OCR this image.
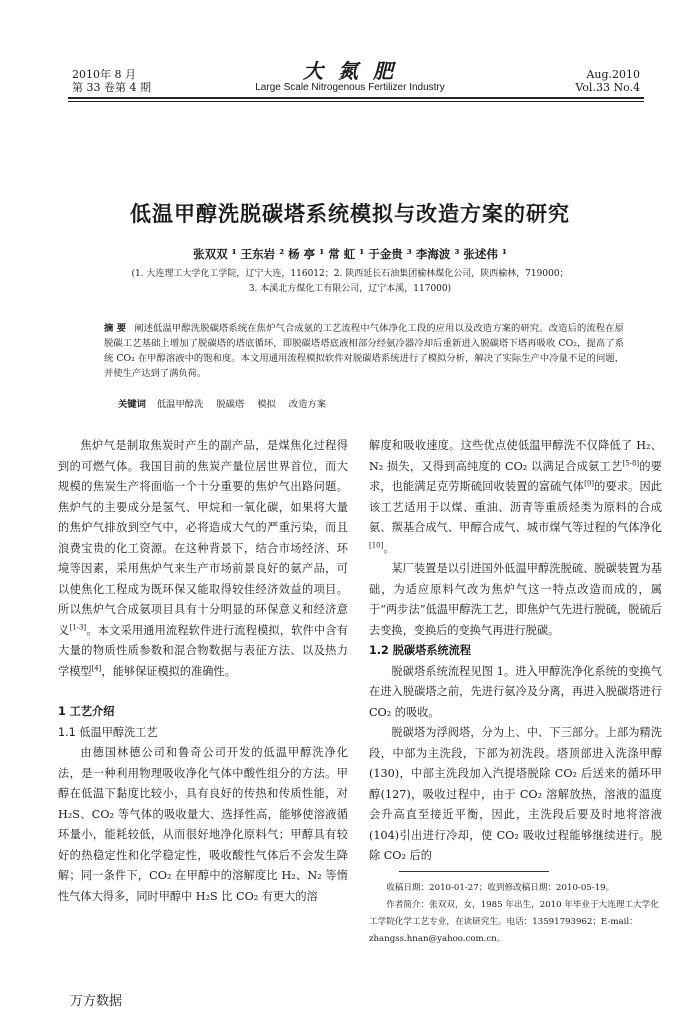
2010年 8 月
第 33 卷第 4 期
大 氮 肥
Large Scale Nitrogenous Fertilizer Industry
Aug.2010
Vol.33 No.4
低温甲醇洗脱碳塔系统模拟与改造方案的研究
张双双 ¹ 王东岩 ² 杨 亭 ¹ 常 虹 ¹ 于金贵 ³ 李海波 ³ 张述伟 ¹
(1. 大连理工大学化工学院，辽宁大连，116012；2. 陕西延长石油集团榆林煤化公司，陕西榆林，719000；
3. 本溪北方煤化工有限公司，辽宁本溪，117000)
摘 要 阐述低温甲醇洗脱碳塔系统在焦炉气合成氨的工艺流程中气体净化工段的应用以及改造方案的研究。改造后的流程在原脱碳工艺基础上增加了脱碳塔的塔底循环，即脱碳塔塔底液相部分经氨冷器冷却后重新进入脱碳塔下塔再吸收 CO₂，提高了系统 CO₂ 在甲醇溶液中的饱和度。本文用通用流程模拟软件对脱碳塔系统进行了模拟分析，解决了实际生产中冷量不足的问题，并使生产达到了满负荷。
关键词 低温甲醇洗 脱碳塔 模拟 改造方案

焦炉气是制取焦炭时产生的副产品，是煤焦化过程得到的可燃气体。我国目前的焦炭产量位居世界首位，而大规模的焦炭生产将面临一个十分重要的焦炉气出路问题。焦炉气的主要成分是氢气、甲烷和一氧化碳，如果将大量的焦炉气排放到空气中，必将造成大气的严重污染，而且浪费宝贵的化工资源。在这种背景下，结合市场经济、环境等因素，采用焦炉气来生产市场前景良好的氨产品，可以使焦化工程成为既环保又能取得较佳经济效益的项目。所以焦炉气合成氨项目具有十分明显的环保意义和经济意义[1-3]。本文采用通用流程软件进行流程模拟，软件中含有大量的物质性质参数和混合物数据与表征方法、以及热力学模型[4]，能够保证模拟的准确性。

1 工艺介绍
1.1 低温甲醇洗工艺

由德国林德公司和鲁奇公司开发的低温甲醇洗净化法，是一种利用物理吸收净化气体中酸性组分的方法。甲醇在低温下黏度比较小，具有良好的传热和传质性能，对 H₂S、CO₂ 等气体的吸收量大、选择性高，能够使溶液循环量小，能耗较低，从而很好地净化原料气；甲醇具有较好的热稳定性和化学稳定性，吸收酸性气体后不会发生降解；同一条件下，CO₂ 在甲醇中的溶解度比 H₂、N₂ 等惰性气体大得多，同时甲醇中 H₂S 比 CO₂ 有更大的溶

解度和吸收速度。这些优点使低温甲醇洗不仅降低了 H₂、N₂ 损失，又得到高纯度的 CO₂ 以满足合成氨工艺[5-8]的要求，也能满足克劳斯硫回收装置的富硫气体[9]的要求。因此该工艺适用于以煤、重油、沥青等重质烃类为原料的合成氨、羰基合成气、甲醇合成气、城市煤气等过程的气体净化[10]。

某厂装置是以引进国外低温甲醇洗脱硫、脱碳装置为基础，为适应原料气改为焦炉气这一特点改造而成的，属于“两步法”低温甲醇洗工艺，即焦炉气先进行脱硫，脱硫后去变换，变换后的变换气再进行脱碳。

1.2 脱碳塔系统流程

脱碳塔系统流程见图 1。进入甲醇洗净化系统的变换气在进入脱碳塔之前，先进行氨冷及分离，再进入脱碳塔进行 CO₂ 的吸收。

脱碳塔为浮阀塔，分为上、中、下三部分。上部为精洗段，中部为主洗段，下部为初洗段。塔顶部进入洗涤甲醇(130)，中部主洗段加入汽提塔脱除 CO₂ 后送来的循环甲醇(127)，吸收过程中，由于 CO₂ 溶解放热，溶液的温度会升高直至接近平衡，因此，主洗段后要及时地将溶液(104)引出进行冷却，使 CO₂ 吸收过程能够继续进行。脱除 CO₂ 后的

收稿日期：2010-01-27；收到修改稿日期：2010-05-19。

作者简介：张双双，女，1985 年出生，2010 年毕业于大连理工大学化工学院化学工艺专业，在读研究生。电话：13591793962；E-mail：zhangss.hnan@yahoo.com.cn。

万方数据
